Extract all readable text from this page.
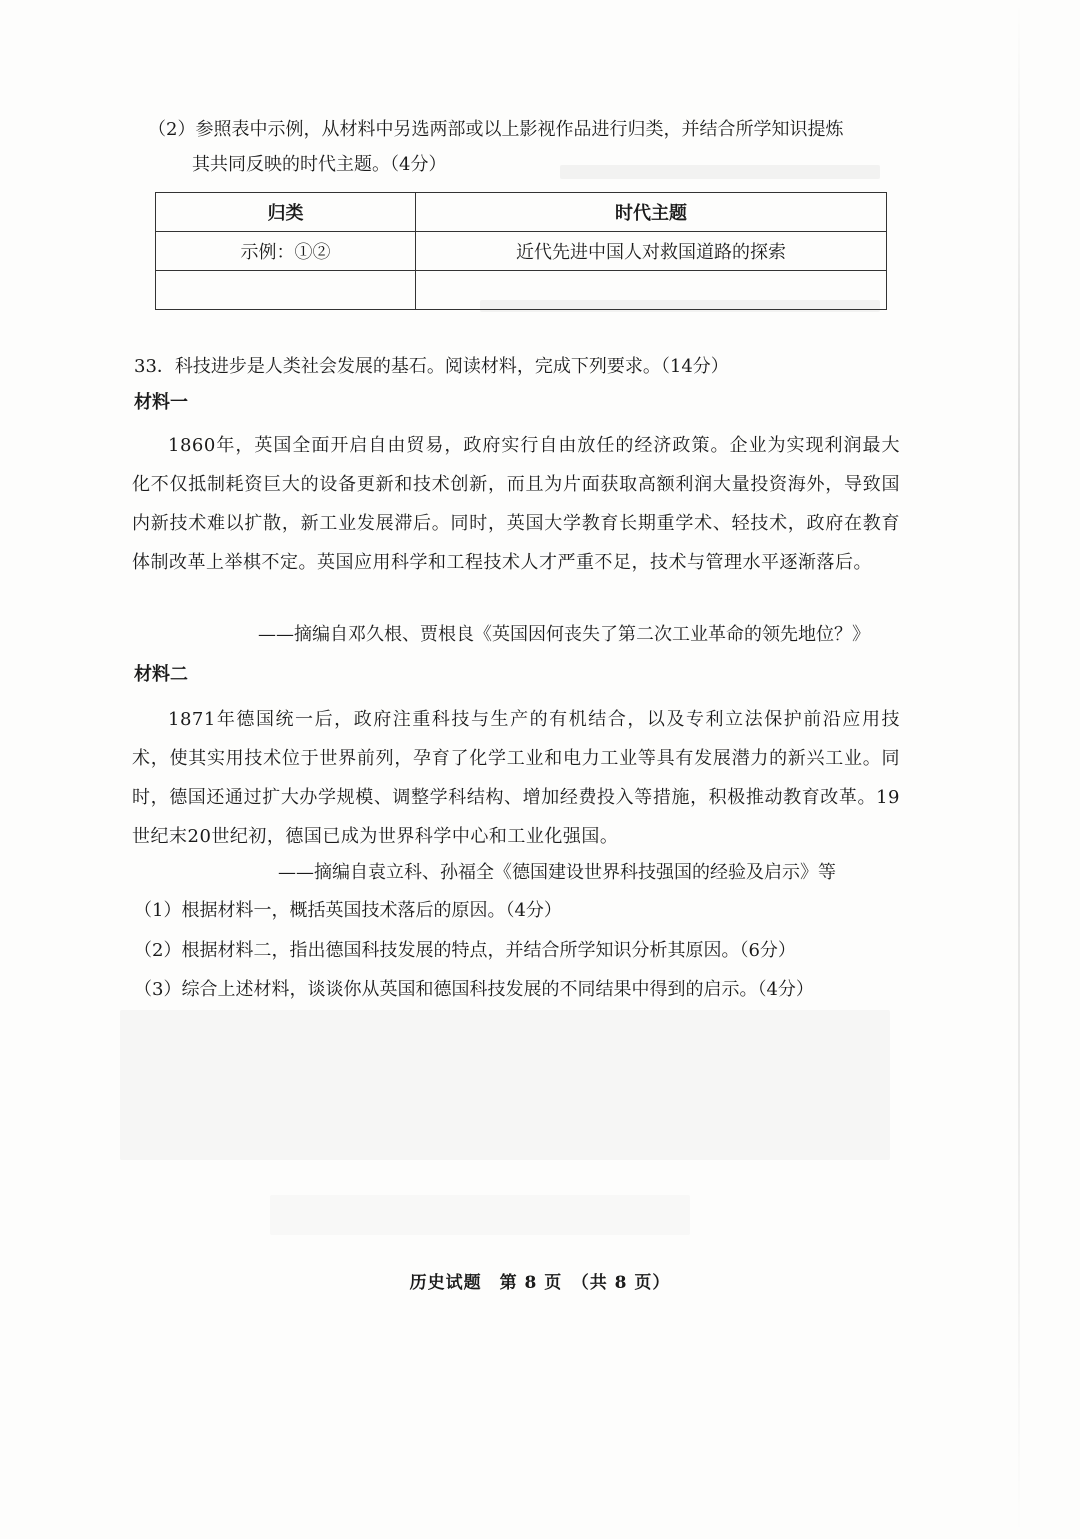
（2）参照表中示例，从材料中另选两部或以上影视作品进行归类，并结合所学知识提炼
其共同反映的时代主题。（4分）
归类	时代主题
示例：①②	近代先进中国人对救国道路的探索

33．科技进步是人类社会发展的基石。阅读材料，完成下列要求。（14分）
材料一
1860年，英国全面开启自由贸易，政府实行自由放任的经济政策。企业为实现利润最大化不仅抵制耗资巨大的设备更新和技术创新，而且为片面获取高额利润大量投资海外，导致国内新技术难以扩散，新工业发展滞后。同时，英国大学教育长期重学术、轻技术，政府在教育体制改革上举棋不定。英国应用科学和工程技术人才严重不足，技术与管理水平逐渐落后。
——摘编自邓久根、贾根良《英国因何丧失了第二次工业革命的领先地位？》
材料二
1871年德国统一后，政府注重科技与生产的有机结合，以及专利立法保护前沿应用技术，使其实用技术位于世界前列，孕育了化学工业和电力工业等具有发展潜力的新兴工业。同时，德国还通过扩大办学规模、调整学科结构、增加经费投入等措施，积极推动教育改革。19世纪末20世纪初，德国已成为世界科学中心和工业化强国。
——摘编自袁立科、孙福全《德国建设世界科技强国的经验及启示》等
（1）根据材料一，概括英国技术落后的原因。（4分）
（2）根据材料二，指出德国科技发展的特点，并结合所学知识分析其原因。（6分）
（3）综合上述材料，谈谈你从英国和德国科技发展的不同结果中得到的启示。（4分）
历史试题　第 8 页　（共 8 页）
